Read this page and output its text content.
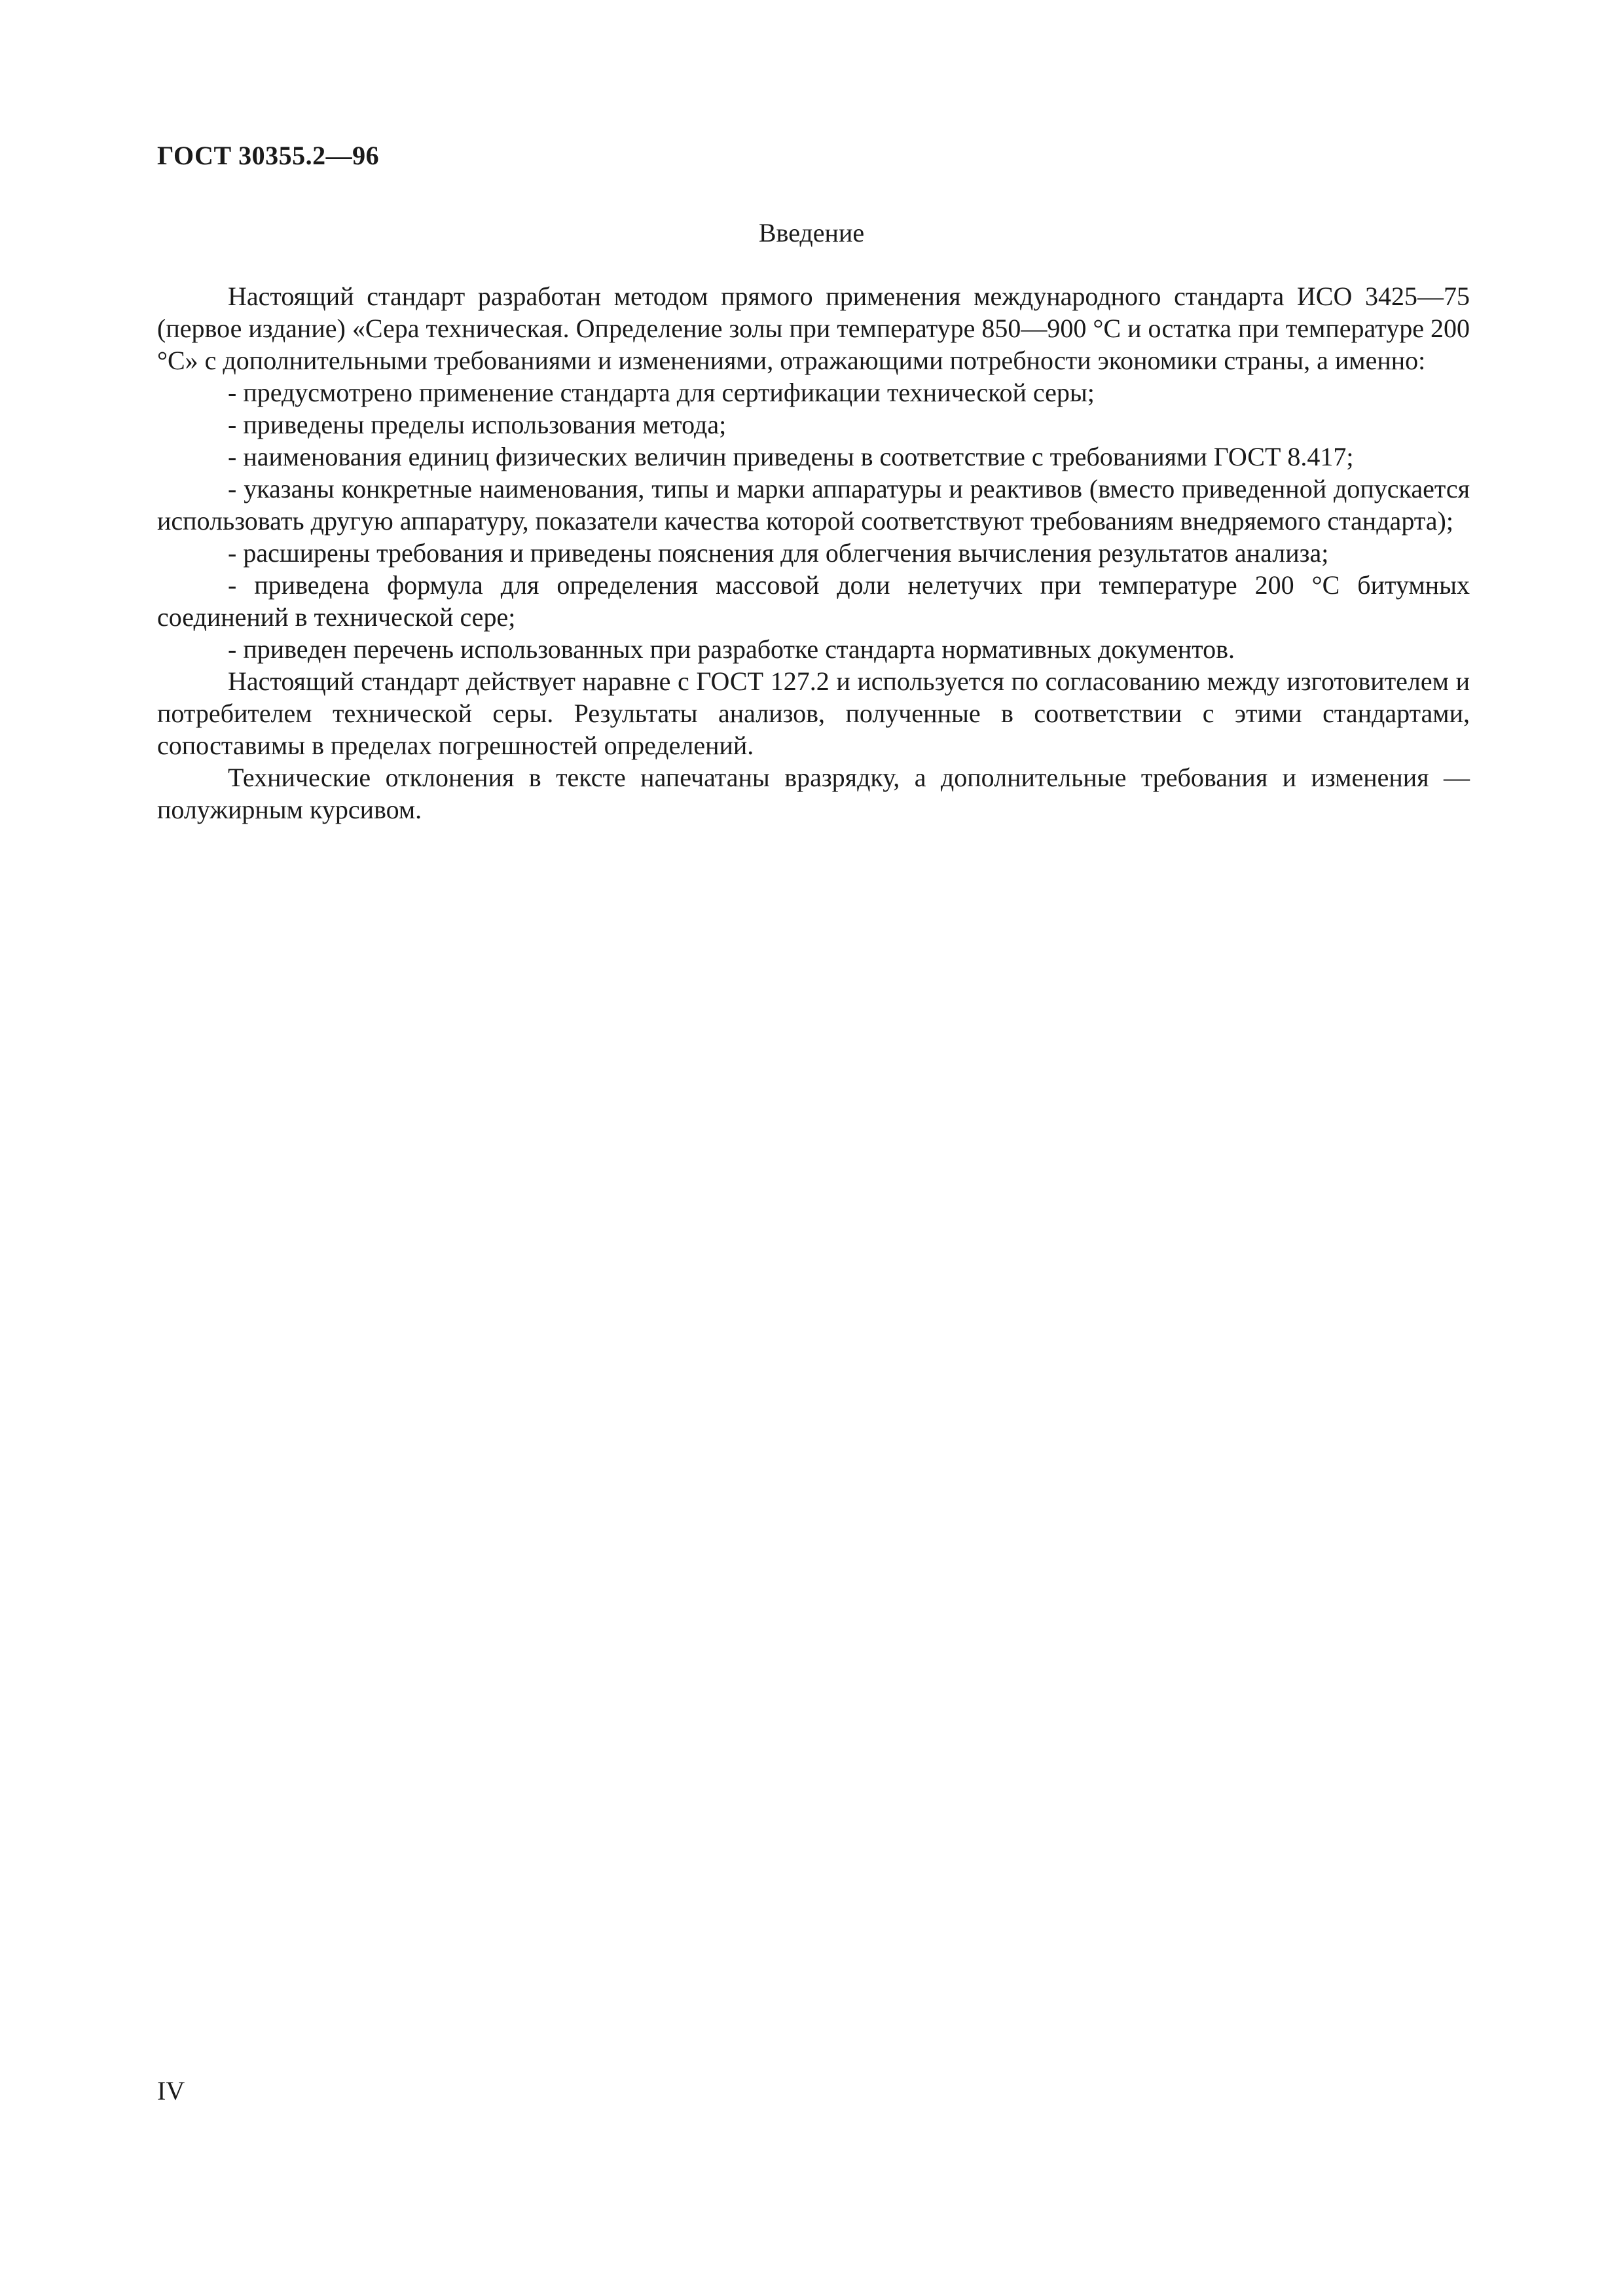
ГОСТ 30355.2—96
Введение

Настоящий стандарт разработан методом прямого применения международного стандарта ИСО 3425—75 (первое издание) «Сера техническая. Определение золы при температуре 850—900 °С и остатка при температуре 200 °С» с дополнительными требованиями и изменениями, отражающими потребности экономики страны, а именно:

- предусмотрено применение стандарта для сертификации технической серы;

- приведены пределы использования метода;

- наименования единиц физических величин приведены в соответствие с требованиями ГОСТ 8.417;

- указаны конкретные наименования, типы и марки аппаратуры и реактивов (вместо приведенной допускается использовать другую аппаратуру, показатели качества которой соответствуют требованиям внедряемого стандарта);

- расширены требования и приведены пояснения для облегчения вычисления результатов анализа;

- приведена формула для определения массовой доли нелетучих при температуре 200 °С битумных соединений в технической сере;

- приведен перечень использованных при разработке стандарта нормативных документов.

Настоящий стандарт действует наравне с ГОСТ 127.2 и используется по согласованию между изготовителем и потребителем технической серы. Результаты анализов, полученные в соответствии с этими стандартами, сопоставимы в пределах погрешностей определений.

Технические отклонения в тексте напечатаны вразрядку, а дополнительные требования и изменения — полужирным курсивом.

IV
